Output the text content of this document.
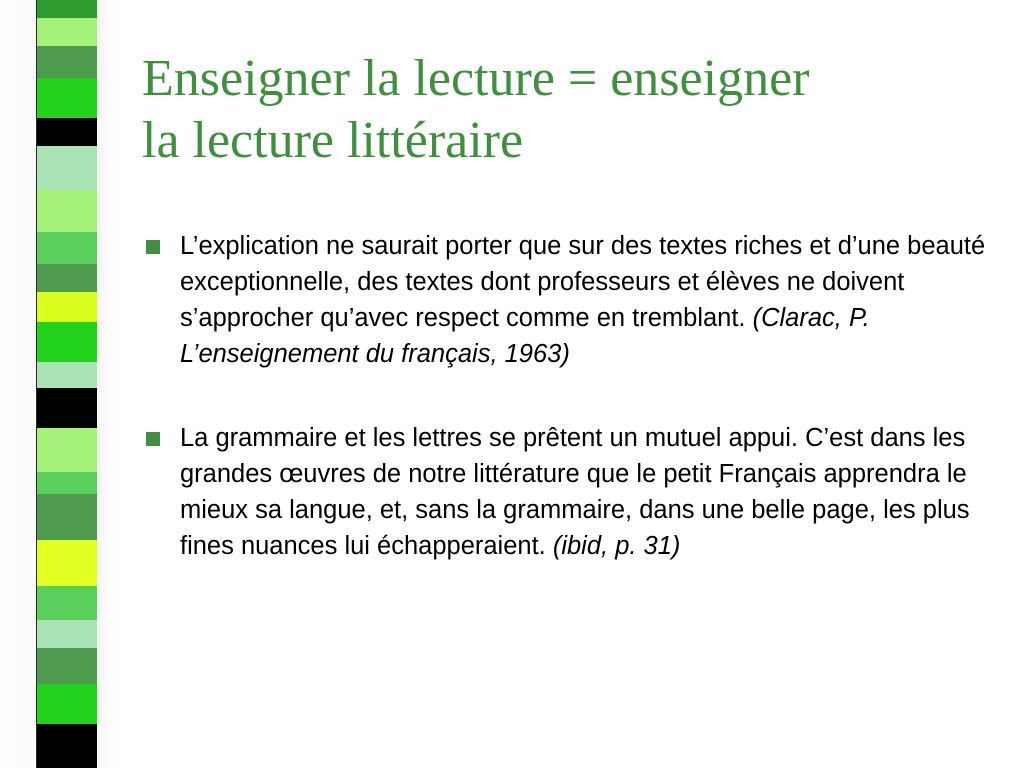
Enseigner la lecture = enseigner
la lecture littéraire
L’explication ne saurait porter que sur des textes riches et d’une beauté exceptionnelle, des textes dont professeurs et élèves ne doivent s’approcher qu’avec respect comme en tremblant. (Clarac, P. L’enseignement du français, 1963)
La grammaire et les lettres se prêtent un mutuel appui. C’est dans les grandes œuvres de notre littérature que le petit Français apprendra le mieux sa langue, et, sans la grammaire, dans une belle page, les plus fines nuances lui échapperaient. (ibid, p. 31)
